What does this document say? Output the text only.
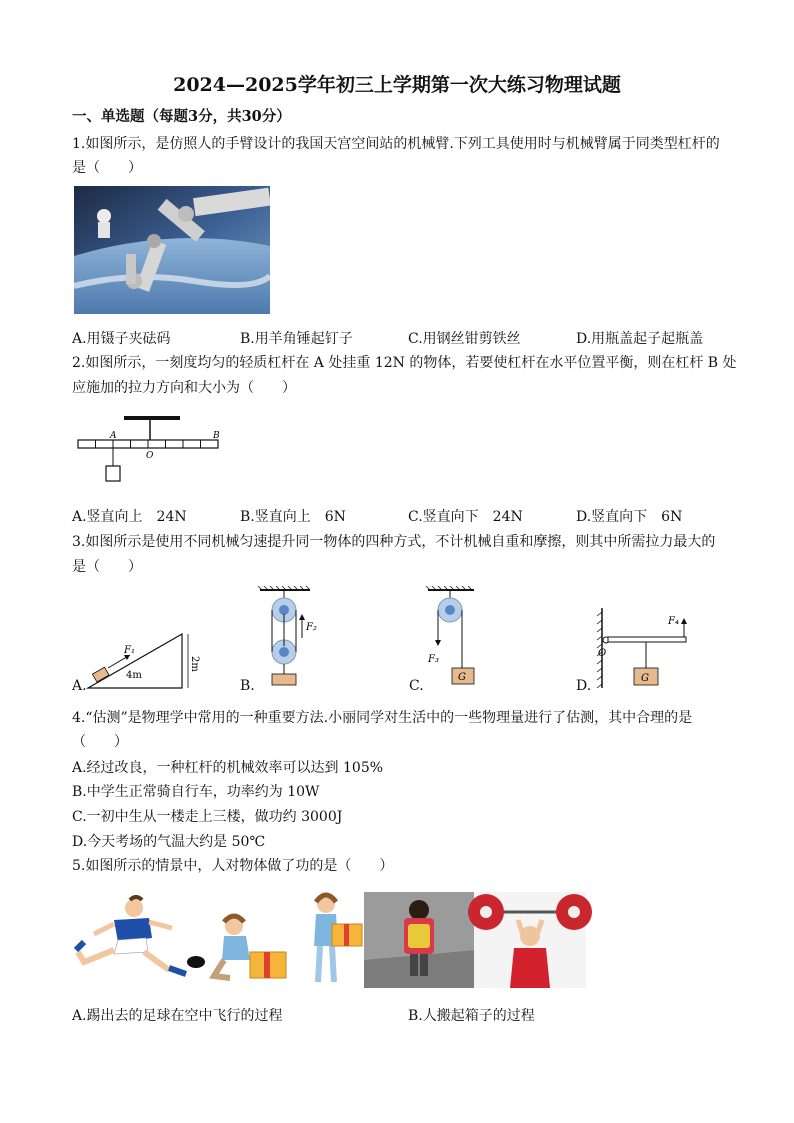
2024—2025学年初三上学期第一次大练习物理试题
一、单选题（每题3分，共30分）
1.如图所示，是仿照人的手臂设计的我国天宫空间站的机械臂.下列工具使用时与机械臂属于同类型杠杆的
是（　　）
A.用镊子夹砝码	B.用羊角锤起钉子	C.用钢丝钳剪铁丝	D.用瓶盖起子起瓶盖
2.如图所示，一刻度均匀的轻质杠杆在 A 处挂重 12N 的物体，若要使杠杆在水平位置平衡，则在杠杆 B 处
应施加的拉力方向和大小为（　　）
A
O
B
A.竖直向上　24N	B.竖直向上　6N	C.竖直向下　24N	D.竖直向下　6N
3.如图所示是使用不同机械匀速提升同一物体的四种方式，不计机械自重和摩擦，则其中所需拉力最大的
是（　　）
A.
F₁
4m
2m
B.
F₂
C.
F₃
G
D.
F₄
O
G
4.“估测”是物理学中常用的一种重要方法.小丽同学对生活中的一些物理量进行了估测，其中合理的是
（　　）
A.经过改良，一种杠杆的机械效率可以达到 105%
B.中学生正常骑自行车，功率约为 10W
C.一初中生从一楼走上三楼，做功约 3000J
D.今天考场的气温大约是 50℃
5.如图所示的情景中，人对物体做了功的是（　　）
A.踢出去的足球在空中飞行的过程	B.人搬起箱子的过程
